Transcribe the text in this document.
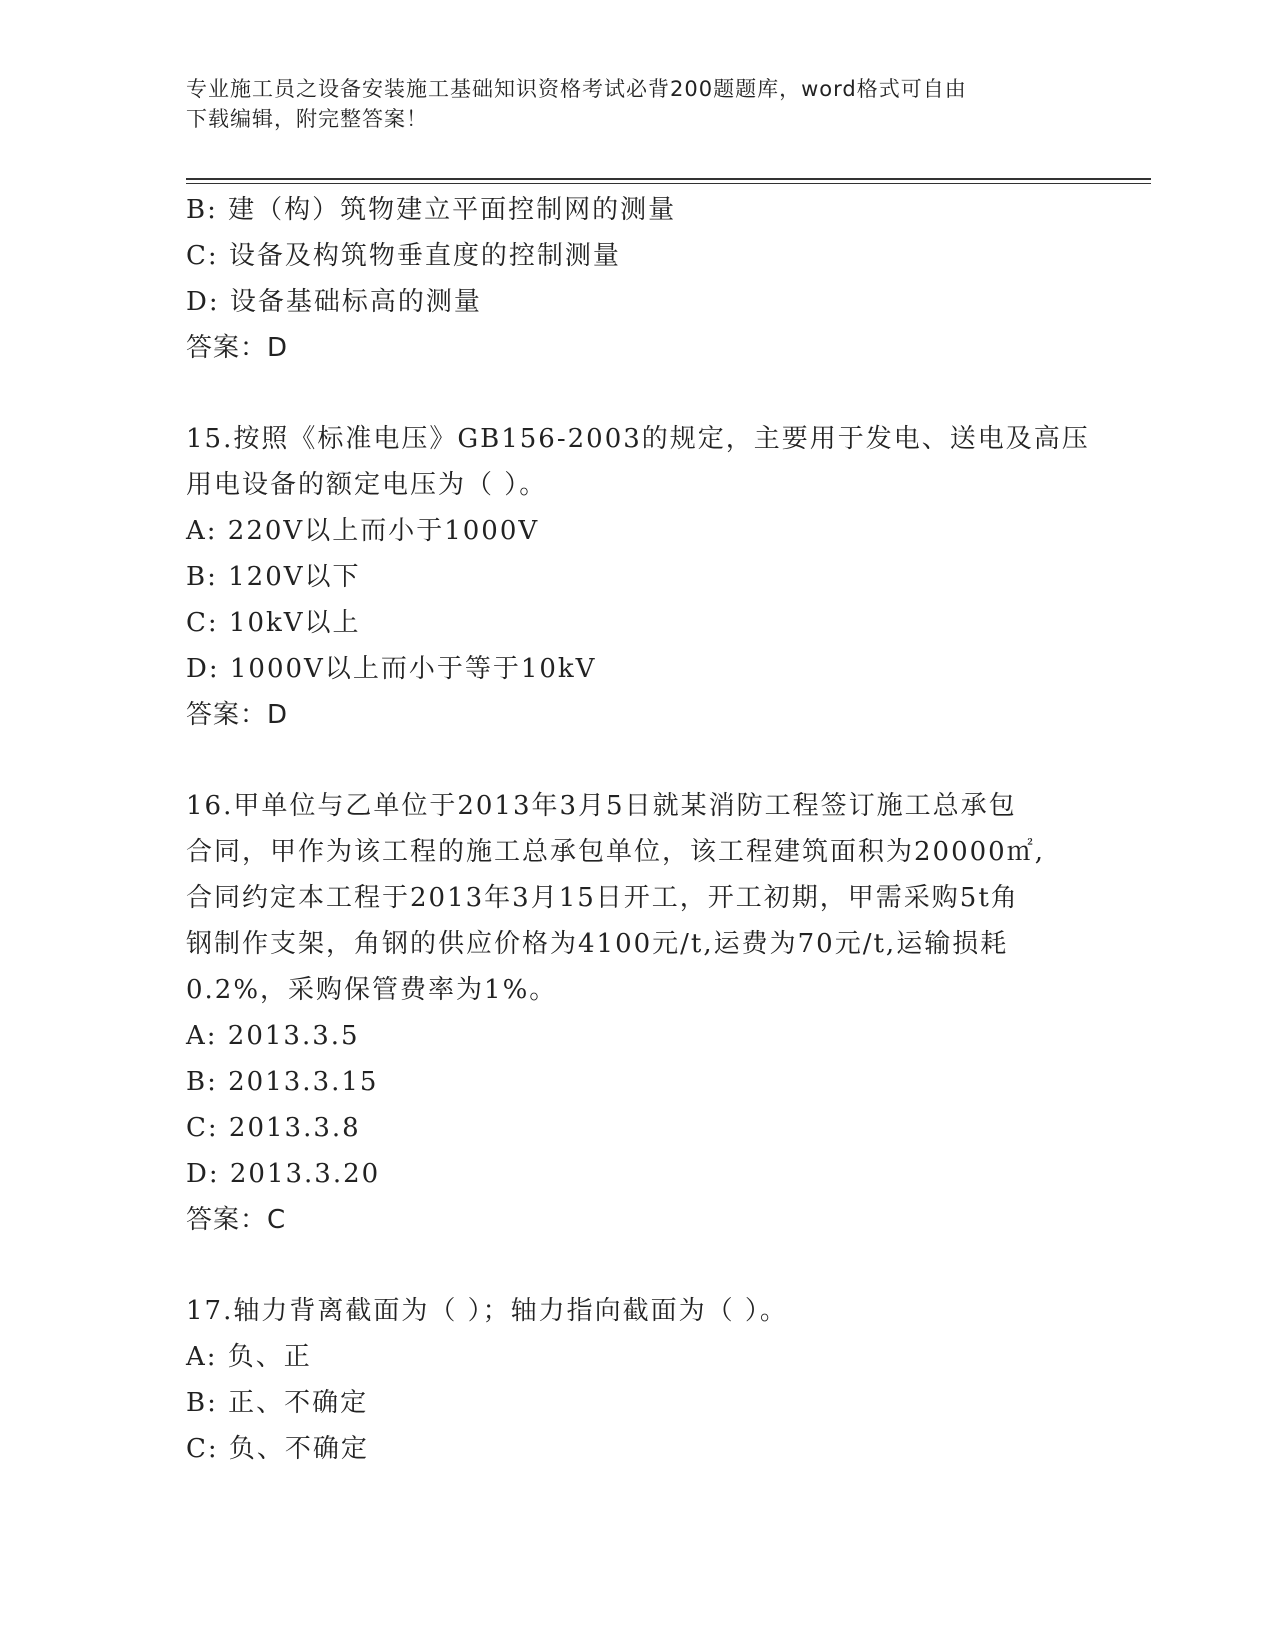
专业施工员之设备安装施工基础知识资格考试必背200题题库，word格式可自由
下载编辑，附完整答案！
B: 建（构）筑物建立平面控制网的测量
C: 设备及构筑物垂直度的控制测量
D: 设备基础标高的测量
答案：D
15.按照《标准电压》GB156-2003的规定，主要用于发电、送电及高压
用电设备的额定电压为（ ）。
A: 220V以上而小于1000V
B: 120V以下
C: 10kV以上
D: 1000V以上而小于等于10kV
答案：D
16.甲单位与乙单位于2013年3月5日就某消防工程签订施工总承包
合同，甲作为该工程的施工总承包单位，该工程建筑面积为20000㎡,
合同约定本工程于2013年3月15日开工，开工初期，甲需采购5t角
钢制作支架，角钢的供应价格为4100元/t,运费为70元/t,运输损耗
0.2%，采购保管费率为1%。
A: 2013.3.5
B: 2013.3.15
C: 2013.3.8
D: 2013.3.20
答案：C
17.轴力背离截面为（ ）；轴力指向截面为（ ）。
A: 负、正
B: 正、不确定
C: 负、不确定
